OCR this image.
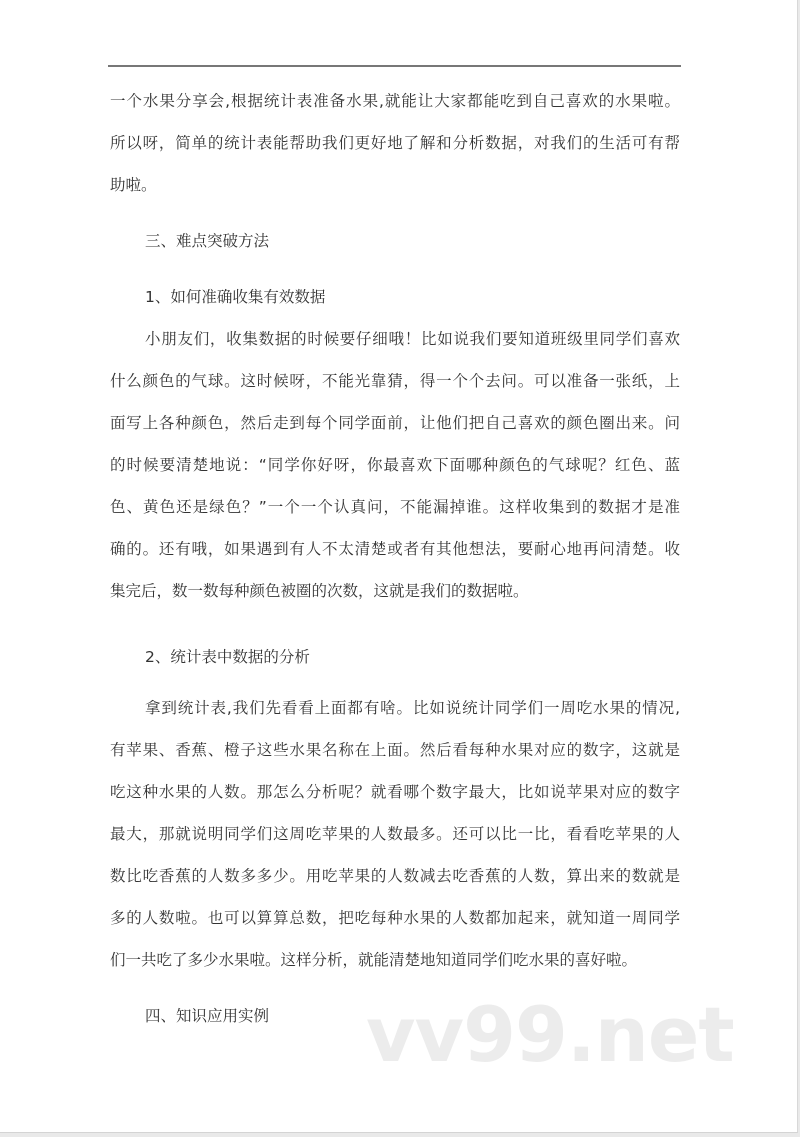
一个水果分享会,根据统计表准备水果,就能让大家都能吃到自己喜欢的水果啦。
所以呀，简单的统计表能帮助我们更好地了解和分析数据，对我们的生活可有帮
助啦。
三、难点突破方法
1、如何准确收集有效数据
小朋友们，收集数据的时候要仔细哦！比如说我们要知道班级里同学们喜欢
什么颜色的气球。这时候呀，不能光靠猜，得一个个去问。可以准备一张纸，上
面写上各种颜色，然后走到每个同学面前，让他们把自己喜欢的颜色圈出来。问
的时候要清楚地说：“同学你好呀，你最喜欢下面哪种颜色的气球呢？红色、蓝
色、黄色还是绿色？”一个一个认真问，不能漏掉谁。这样收集到的数据才是准
确的。还有哦，如果遇到有人不太清楚或者有其他想法，要耐心地再问清楚。收
集完后，数一数每种颜色被圈的次数，这就是我们的数据啦。
2、统计表中数据的分析
拿到统计表,我们先看看上面都有啥。比如说统计同学们一周吃水果的情况,
有苹果、香蕉、橙子这些水果名称在上面。然后看每种水果对应的数字，这就是
吃这种水果的人数。那怎么分析呢？就看哪个数字最大，比如说苹果对应的数字
最大，那就说明同学们这周吃苹果的人数最多。还可以比一比，看看吃苹果的人
数比吃香蕉的人数多多少。用吃苹果的人数减去吃香蕉的人数，算出来的数就是
多的人数啦。也可以算算总数，把吃每种水果的人数都加起来，就知道一周同学
们一共吃了多少水果啦。这样分析，就能清楚地知道同学们吃水果的喜好啦。
四、知识应用实例 vv99.net
